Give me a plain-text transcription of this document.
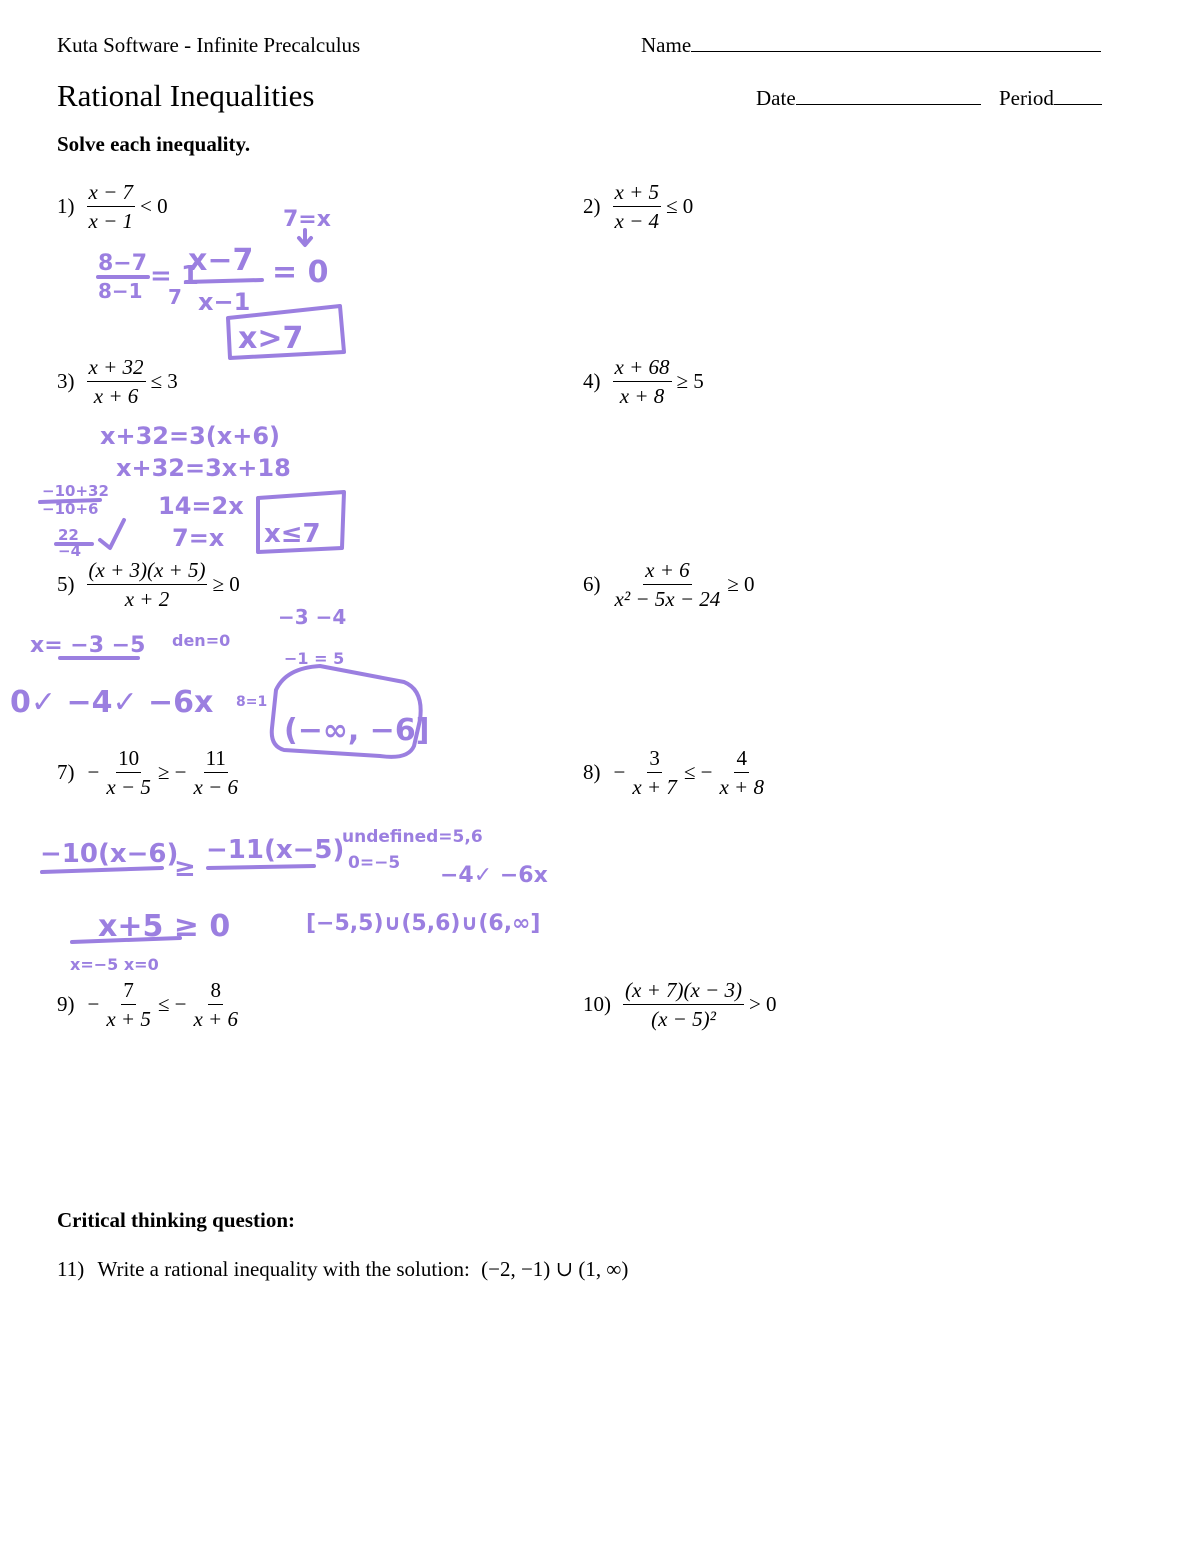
Kuta Software - Infinite Precalculus	Name
Rational Inequalities	Date	Period
Solve each inequality.
$1) \frac{x - 7}{x - 1} < 0$	$2) \frac{x + 5}{x - 4} \le 0$
$3) \frac{x + 32}{x + 6} \le 3$	$4) \frac{x + 68}{x + 8} \ge 5$
$5) \frac{(x + 3)(x + 5)}{x + 2} \ge 0$	$6) \frac{x + 6}{\text{x² − 5x − 24}} \ge 0$
$7) - \frac{10}{x - 5}$ ≥ − $\frac{11}{x - 6}$	$8) - \frac{3}{x + 7}$ ≤ − $\frac{4}{x + 8}$
$9) - \frac{7}{x + 5}$ ≤ − $\frac{8}{x + 6}$	$10) \frac{(x + 7)(x - 3)}{\text{(x − 5)²}} > 0$
Critical thinking question:
11) Write a rational inequality with the solution: (−2, −1) ∪ (1, ∞)
7=x
8−7
8−1 = 1
7
x−7
x−1
= 0
x>7
x+32=3(x+6)
x+32=3x+18
−10+32
−10+6
22
−4
14=2x
7=x x≤7
x= −3 −5 den=0
0✓ −4✓ −6x
−3 −4
−1 = 5
8=1
(−∞, −6]
−10(x−6)
≥
−11(x−5)
undefined=5,6
0=−5 −4✓ −6x
x+5 ≥ 0
x=−5 x=0
[−5,5)∪(5,6)∪(6,∞]
